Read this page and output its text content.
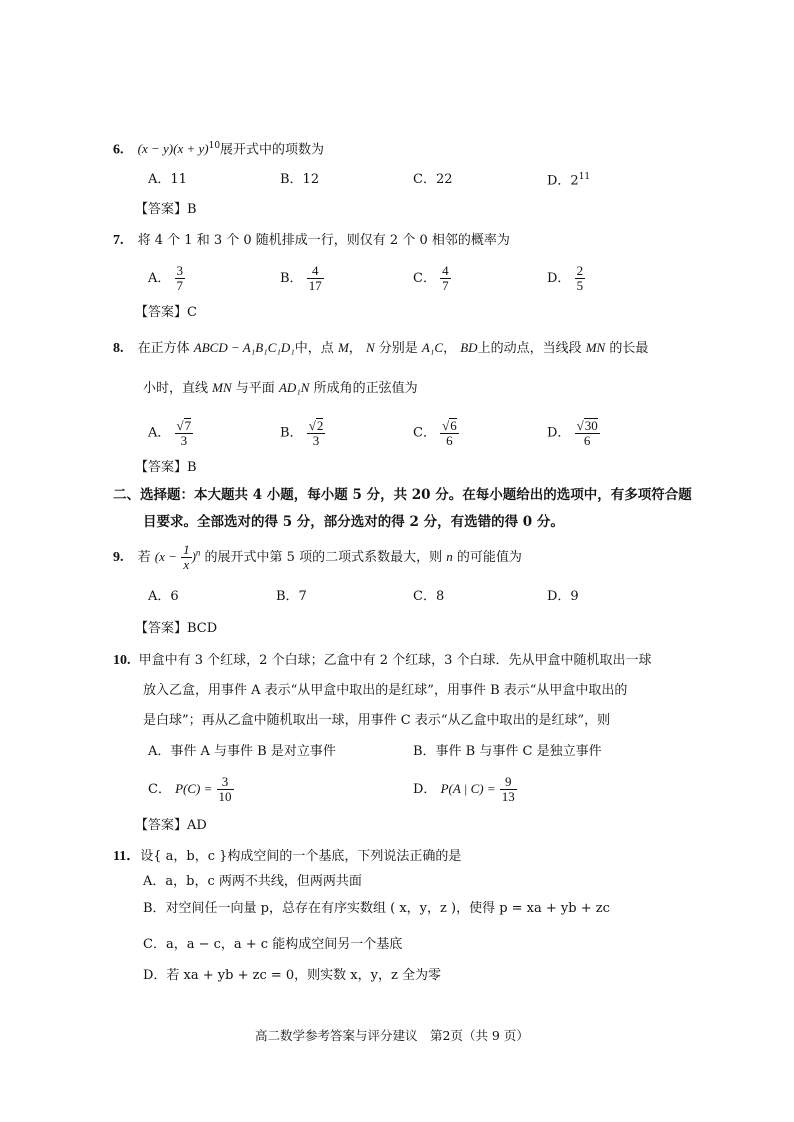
6. $(x - y)(x + y)^{10}$展开式中的项数为
A．11	B．12	C．22	D．$2^{11}$
【答案】B
7. 将 4 个 1 和 3 个 0 随机排成一行，则仅有 2 个 0 相邻的概率为
A． $\frac{3}{7}$	B． $\frac{4}{17}$	C． $\frac{4}{7}$	D． $\frac{2}{5}$
【答案】C
8. 在正方体 ABCD − A₁B₁C₁D₁中，点 M， N 分别是 A₁C， BD上的动点，当线段 MN 的长最
小时，直线 MN 与平面 AD₁N 所成角的正弦值为
A． $\frac{√7}{3}$	B． $\frac{√2}{3}$	C． $\frac{√6}{6}$	D． $\frac{√30}{6}$
【答案】B
二、选择题：本大题共 4 小题，每小题 5 分，共 20 分。在每小题给出的选项中，有多项符合题
目要求。全部选对的得 5 分，部分选对的得 2 分，有选错的得 0 分。
9. 若 $(x - \frac{1}{x} )^n$ 的展开式中第 5 项的二项式系数最大，则 n 的可能值为
A．6	B．7	C．8	D．9
【答案】BCD
10. 甲盒中有 3 个红球，2 个白球；乙盒中有 2 个红球，3 个白球．先从甲盒中随机取出一球
放入乙盒，用事件 A 表示“从甲盒中取出的是红球”，用事件 B 表示“从甲盒中取出的
是白球”；再从乙盒中随机取出一球，用事件 C 表示“从乙盒中取出的是红球”，则
A．事件 A 与事件 B 是对立事件	B．事件 B 与事件 C 是独立事件
C． $P(C) = \frac{3}{10}$	D． P(A | $C) = \frac{9}{13}$
【答案】AD
11．设{ a，b，c }构成空间的一个基底，下列说法正确的是
A．a，b，c 两两不共线，但两两共面
B．对空间任一向量 p，总存在有序实数组 ( x，y，z )，使得 p = xa + yb + zc
C．a，a − c，a + c 能构成空间另一个基底
D．若 xa + yb + zc = 0，则实数 x，y，z 全为零
高二数学参考答案与评分建议　第2页（共 9 页）
